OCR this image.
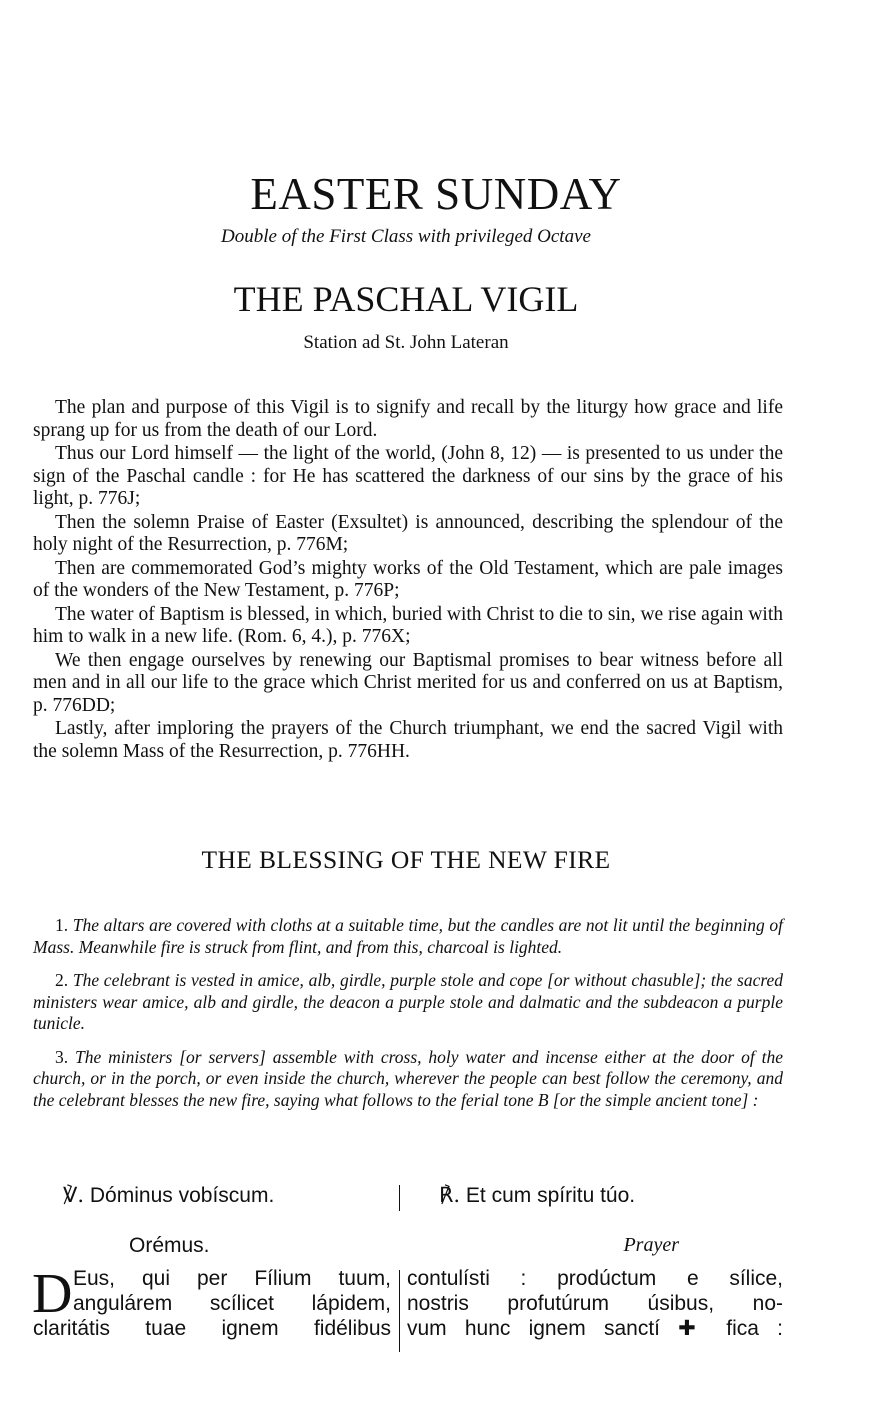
EASTER SUNDAY
Double of the First Class with privileged Octave
THE PASCHAL VIGIL
Station ad St. John Lateran

The plan and purpose of this Vigil is to signify and recall by the liturgy how grace and life sprang up for us from the death of our Lord.

Thus our Lord himself — the light of the world, (John 8, 12) — is presented to us under the sign of the Paschal candle : for He has scattered the darkness of our sins by the grace of his light, p. 776J;

Then the solemn Praise of Easter (Exsultet) is announced, describing the splendour of the holy night of the Resurrection, p. 776M;

Then are commemorated God’s mighty works of the Old Testament, which are pale images of the wonders of the New Testament, p. 776P;

The water of Baptism is blessed, in which, buried with Christ to die to sin, we rise again with him to walk in a new life. (Rom. 6, 4.), p. 776X;

We then engage ourselves by renewing our Baptismal promises to bear witness before all men and in all our life to the grace which Christ merited for us and conferred on us at Baptism, p. 776DD;

Lastly, after imploring the prayers of the Church triumphant, we end the sacred Vigil with the solemn Mass of the Resurrection, p. 776HH.

THE BLESSING OF THE NEW FIRE

1. The altars are covered with cloths at a suitable time, but the candles are not lit until the beginning of Mass. Meanwhile fire is struck from flint, and from this, charcoal is lighted.

2. The celebrant is vested in amice, alb, girdle, purple stole and cope [or without chasuble]; the sacred ministers wear amice, alb and girdle, the deacon a purple stole and dalmatic and the subdeacon a purple tunicle.

3. The ministers [or servers] assemble with cross, holy water and incense either at the door of the church, or in the porch, or even inside the church, wherever the people can best follow the ceremony, and the celebrant blesses the new fire, saying what follows to the ferial tone B [or the simple ancient tone] :

℣. Dóminus vobíscum.	℟. Et cum spíritu túo.
Orémus.	Prayer
D Eus, qui per Fílium tuum,
angulárem scílicet lápidem,
claritátis tuae ignem fidélibus
contulísti : prodúctum e sílice,
nostris profutúrum úsibus, no-
vum hunc ignem sanctí ✚ fica :
